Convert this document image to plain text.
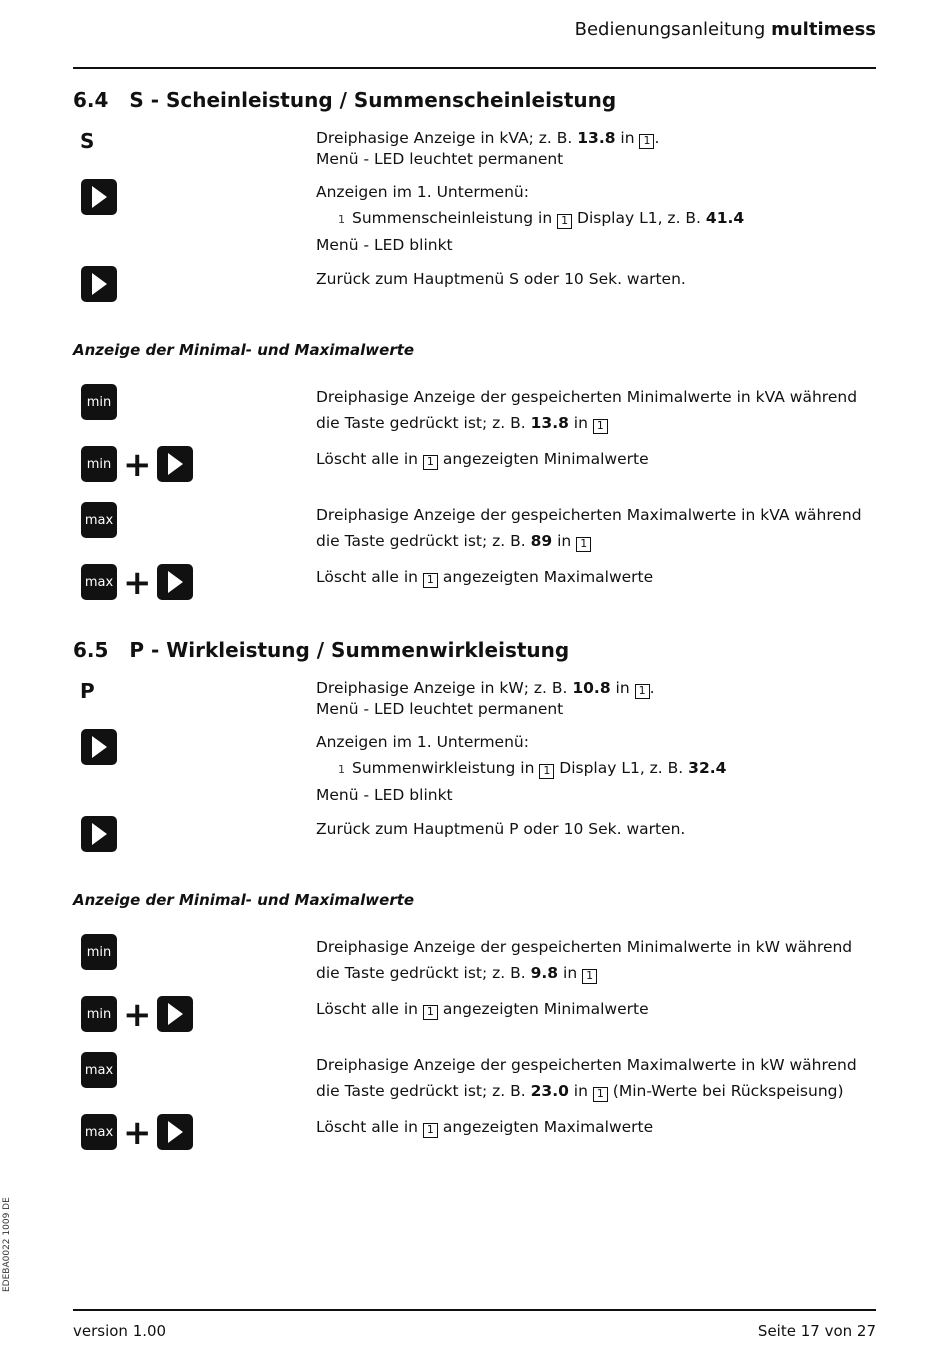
Bedienungsanleitung multimess
6.4 S - Scheinleistung / Summenscheinleistung
S	Dreiphasige Anzeige in kVA; z. B. 13.8 in 1 .
Menü - LED leuchtet permanent
Anzeigen im 1. Untermenü:
1 Summenscheinleistung in 1 Display L1, z. B. 41.4
Menü - LED blinkt
Zurück zum Hauptmenü S oder 10 Sek. warten.
Anzeige der Minimal- und Maximalwerte
min	Dreiphasige Anzeige der gespeicherten Minimalwerte in kVA während die Taste gedrückt ist; z. B. 13.8 in 1
min +	Löscht alle in 1 angezeigten Minimalwerte
max	Dreiphasige Anzeige der gespeicherten Maximalwerte in kVA während die Taste gedrückt ist; z. B. 89 in 1
max +	Löscht alle in 1 angezeigten Maximalwerte
6.5 P - Wirkleistung / Summenwirkleistung
P	Dreiphasige Anzeige in kW; z. B. 10.8 in 1 .
Menü - LED leuchtet permanent
Anzeigen im 1. Untermenü:
1 Summenwirkleistung in 1 Display L1, z. B. 32.4
Menü - LED blinkt
Zurück zum Hauptmenü P oder 10 Sek. warten.
Anzeige der Minimal- und Maximalwerte
min	Dreiphasige Anzeige der gespeicherten Minimalwerte in kW während die Taste gedrückt ist; z. B. 9.8 in 1
min +	Löscht alle in 1 angezeigten Minimalwerte
max	Dreiphasige Anzeige der gespeicherten Maximalwerte in kW während die Taste gedrückt ist; z. B. 23.0 in 1 (Min-Werte bei Rückspeisung)
max +	Löscht alle in 1 angezeigten Maximalwerte
EDEBA0022 1009 DE
version 1.00	Seite 17 von 27
